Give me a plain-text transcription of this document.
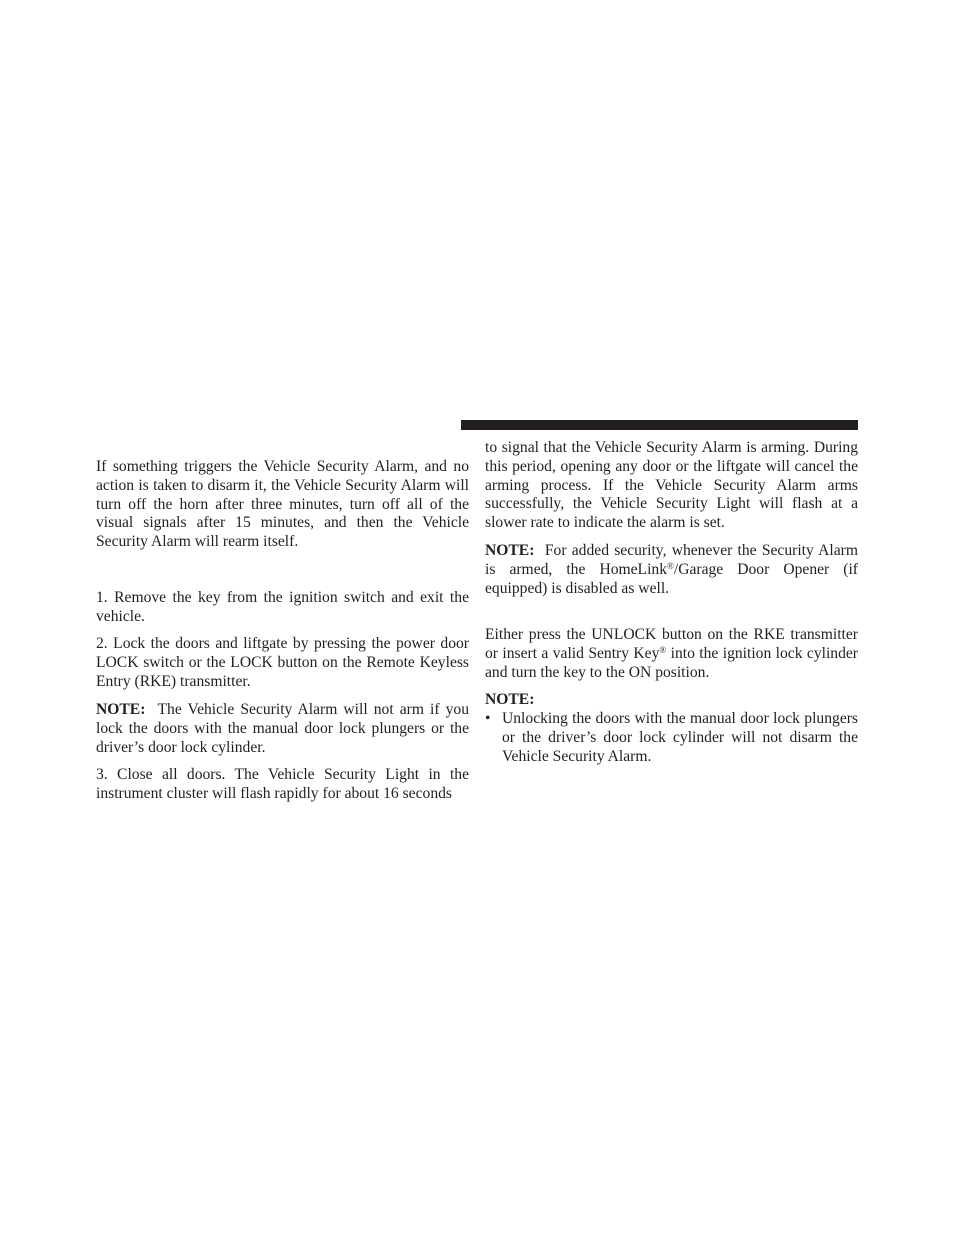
If something triggers the Vehicle Security Alarm, and no action is taken to disarm it, the Vehicle Security Alarm will turn off the horn after three minutes, turn off all of the visual signals after 15 minutes, and then the Vehicle Security Alarm will rearm itself.

1. Remove the key from the ignition switch and exit the vehicle.

2. Lock the doors and liftgate by pressing the power door LOCK switch or the LOCK button on the Remote Keyless Entry (RKE) transmitter.

NOTE: The Vehicle Security Alarm will not arm if you lock the doors with the manual door lock plungers or the driver’s door lock cylinder.

3. Close all doors. The Vehicle Security Light in the instrument cluster will flash rapidly for about 16 seconds

to signal that the Vehicle Security Alarm is arming. During this period, opening any door or the liftgate will cancel the arming process. If the Vehicle Security Alarm arms successfully, the Vehicle Security Light will flash at a slower rate to indicate the alarm is set.

NOTE: For added security, whenever the Security Alarm is armed, the HomeLink®/Garage Door Opener (if equipped) is disabled as well.

Either press the UNLOCK button on the RKE transmitter or insert a valid Sentry Key® into the ignition lock cylinder and turn the key to the ON position.

NOTE:

• Unlocking the doors with the manual door lock plungers or the driver’s door lock cylinder will not disarm the Vehicle Security Alarm.
